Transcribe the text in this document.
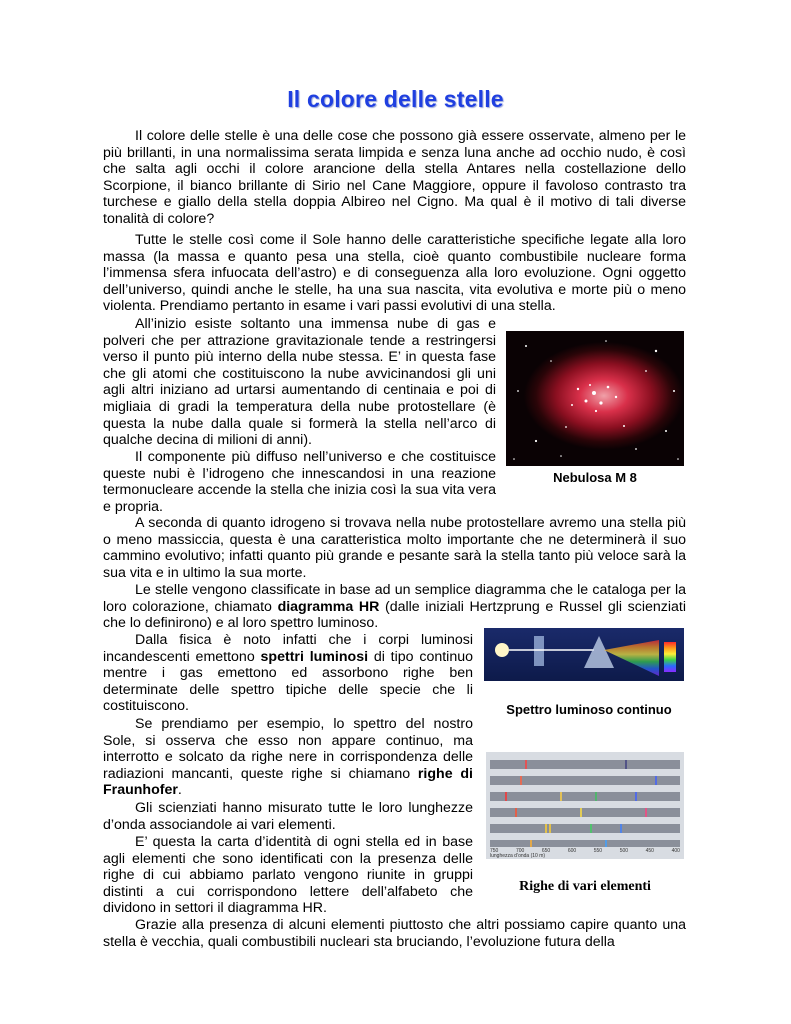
Il colore delle stelle

Il colore delle stelle è una delle cose che possono già essere osservate, almeno per le più brillanti, in una normalissima serata limpida e senza luna anche ad occhio nudo, è così che salta agli occhi il colore arancione della stella Antares nella costellazione dello Scorpione, il bianco brillante di Sirio nel Cane Maggiore, oppure il favoloso contrasto tra turchese e giallo della stella doppia Albireo nel Cigno. Ma qual è il motivo di tali diverse tonalità di colore?

Tutte le stelle così come il Sole hanno delle caratteristiche specifiche legate alla loro massa (la massa e quanto pesa una stella, cioè quanto combustibile nucleare forma l’immensa sfera infuocata dell’astro) e di conseguenza alla loro evoluzione. Ogni oggetto dell’universo, quindi anche le stelle, ha una sua nascita, vita evolutiva e morte più o meno violenta. Prendiamo pertanto in esame i vari passi evolutivi di una stella.

All’inizio esiste soltanto una immensa nube di gas e polveri che per attrazione gravitazionale tende a restringersi verso il punto più interno della nube stessa. E’ in questa fase che gli atomi che costituiscono la nube avvicinandosi gli uni agli altri iniziano ad urtarsi aumentando di centinaia e poi di migliaia di gradi la temperatura della nube protostellare (è questa la nube dalla quale si formerà la stella nell’arco di qualche decina di milioni di anni).

Il componente più diffuso nell’universo e che costituisce queste nubi è l’idrogeno che innescandosi in una reazione termonucleare accende la stella che inizia così la sua vita vera e propria.

A seconda di quanto idrogeno si trovava nella nube protostellare avremo una stella più o meno massiccia, questa è una caratteristica molto importante che ne determinerà il suo cammino evolutivo; infatti quanto più grande e pesante sarà la stella tanto più veloce sarà la sua vita e in ultimo la sua morte.

Le stelle vengono classificate in base ad un semplice diagramma che le cataloga per la loro colorazione, chiamato diagramma HR (dalle iniziali Hertzprung e Russel gli scienziati che lo definirono) e al loro spettro luminoso.

Dalla fisica è noto infatti che i corpi luminosi incandescenti emettono spettri luminosi di tipo continuo mentre i gas emettono ed assorbono righe ben determinate delle spettro tipiche delle specie che li costituiscono.

Se prendiamo per esempio, lo spettro del nostro Sole, si osserva che esso non appare continuo, ma interrotto e solcato da righe nere in corrispondenza delle radiazioni mancanti, queste righe si chiamano righe di Fraunhofer.

Gli scienziati hanno misurato tutte le loro lunghezze d’onda associandole ai vari elementi.

E’ questa la carta d’identità di ogni stella ed in base agli elementi che sono identificati con la presenza delle righe di cui abbiamo parlato vengono riunite in gruppi distinti a cui corrispondono lettere dell’alfabeto che dividono in settori il diagramma HR.

Grazie alla presenza di alcuni elementi piuttosto che altri possiamo capire quanto una stella è vecchia, quali combustibili nucleari sta bruciando, l’evoluzione futura della

Nebulosa M 8
Spettro luminoso continuo
750	700	650	600	550	500	450	400
lunghezza d’onda (10 m)
Righe di vari elementi
